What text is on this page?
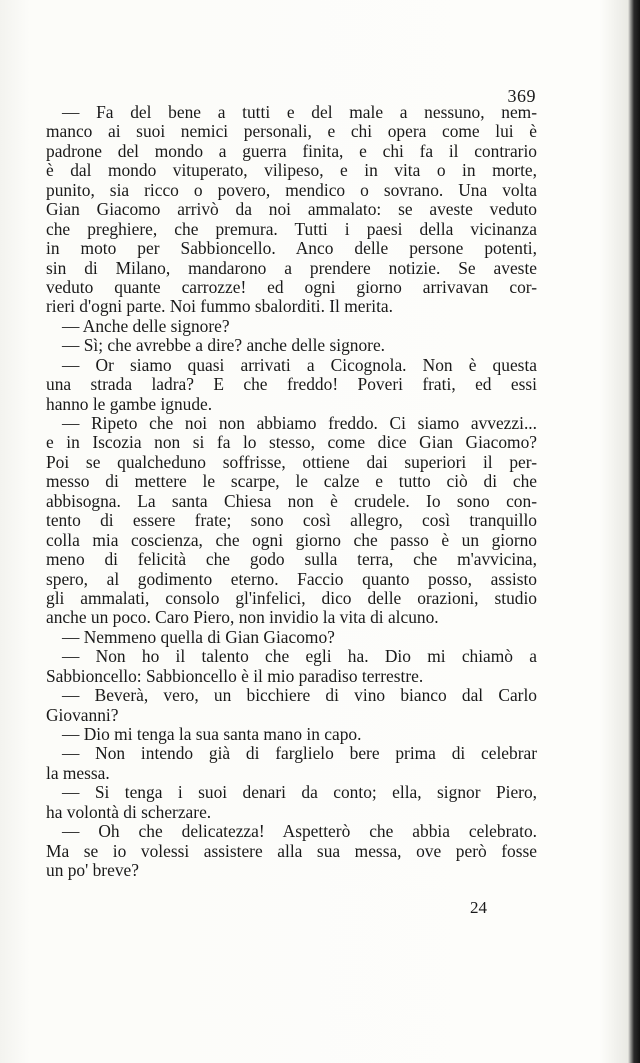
369
— Fa del bene a tutti e del male a nessuno, nem-
manco ai suoi nemici personali, e chi opera come lui è
padrone del mondo a guerra finita, e chi fa il contrario
è dal mondo vituperato, vilipeso, e in vita o in morte,
punito, sia ricco o povero, mendico o sovrano. Una volta
Gian Giacomo arrivò da noi ammalato: se aveste veduto
che preghiere, che premura. Tutti i paesi della vicinanza
in moto per Sabbioncello. Anco delle persone potenti,
sin di Milano, mandarono a prendere notizie. Se aveste
veduto quante carrozze! ed ogni giorno arrivavan cor-
rieri d'ogni parte. Noi fummo sbalorditi. Il merita.
— Anche delle signore?
— Sì; che avrebbe a dire? anche delle signore.
— Or siamo quasi arrivati a Cicognola. Non è questa
una strada ladra? E che freddo! Poveri frati, ed essi
hanno le gambe ignude.
— Ripeto che noi non abbiamo freddo. Ci siamo avvezzi...
e in Iscozia non si fa lo stesso, come dice Gian Giacomo?
Poi se qualcheduno soffrisse, ottiene dai superiori il per-
messo di mettere le scarpe, le calze e tutto ciò di che
abbisogna. La santa Chiesa non è crudele. Io sono con-
tento di essere frate; sono così allegro, così tranquillo
colla mia coscienza, che ogni giorno che passo è un giorno
meno di felicità che godo sulla terra, che m'avvicina,
spero, al godimento eterno. Faccio quanto posso, assisto
gli ammalati, consolo gl'infelici, dico delle orazioni, studio
anche un poco. Caro Piero, non invidio la vita di alcuno.
— Nemmeno quella di Gian Giacomo?
— Non ho il talento che egli ha. Dio mi chiamò a
Sabbioncello: Sabbioncello è il mio paradiso terrestre.
— Beverà, vero, un bicchiere di vino bianco dal Carlo
Giovanni?
— Dio mi tenga la sua santa mano in capo.
— Non intendo già di farglielo bere prima di celebrar
la messa.
— Si tenga i suoi denari da conto; ella, signor Piero,
ha volontà di scherzare.
— Oh che delicatezza! Aspetterò che abbia celebrato.
Ma se io volessi assistere alla sua messa, ove però fosse
un po' breve?
24
